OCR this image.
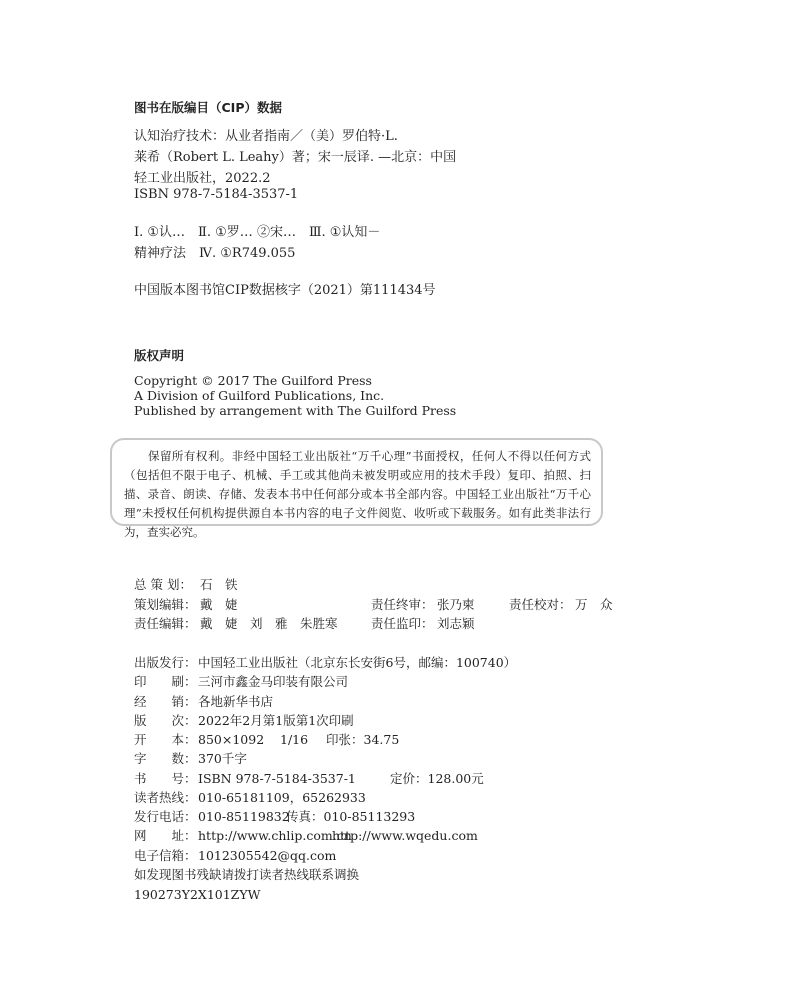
图书在版编目（CIP）数据
认知治疗技术：从业者指南／（美）罗伯特·L.
莱希（Robert L. Leahy）著；宋一辰译. —北京：中国
轻工业出版社，2022.2
ISBN 978-7-5184-3537-1
Ⅰ. ①认…　Ⅱ. ①罗… ②宋…　Ⅲ. ①认知－
精神疗法　Ⅳ. ①R749.055
中国版本图书馆CIP数据核字（2021）第111434号
版权声明
Copyright © 2017 The Guilford Press
A Division of Guilford Publications, Inc.
Published by arrangement with The Guilford Press

保留所有权利。非经中国轻工业出版社“万千心理”书面授权，任何人不得以任何方式（包括但不限于电子、机械、手工或其他尚未被发明或应用的技术手段）复印、拍照、扫描、录音、朗读、存储、发表本书中任何部分或本书全部内容。中国轻工业出版社“万千心理”未授权任何机构提供源自本书内容的电子文件阅览、收听或下载服务。如有此类非法行为，查实必究。

总 策 划： 石　铁
策划编辑： 戴　婕	责任终审： 张乃柬	责任校对： 万　众
责任编辑： 戴　婕　刘　雅　朱胜寒	责任监印： 刘志颖
出版发行：中国轻工业出版社（北京东长安街6号，邮编：100740）
印　　刷：三河市鑫金马印装有限公司
经　　销：各地新华书店
版　　次：2022年2月第1版第1次印刷
开　　本：850×1092 1/16 印张：34.75
字　　数：370千字
书　　号：ISBN 978-7-5184-3537-1	定价：128.00元
读者热线：010-65181109，65262933
发行电话：010-85119832传真：010-85113293
网　　址：http://www.chlip.com.cnhttp://www.wqedu.com
电子信箱：1012305542@qq.com
如发现图书残缺请拨打读者热线联系调换
190273Y2X101ZYW
